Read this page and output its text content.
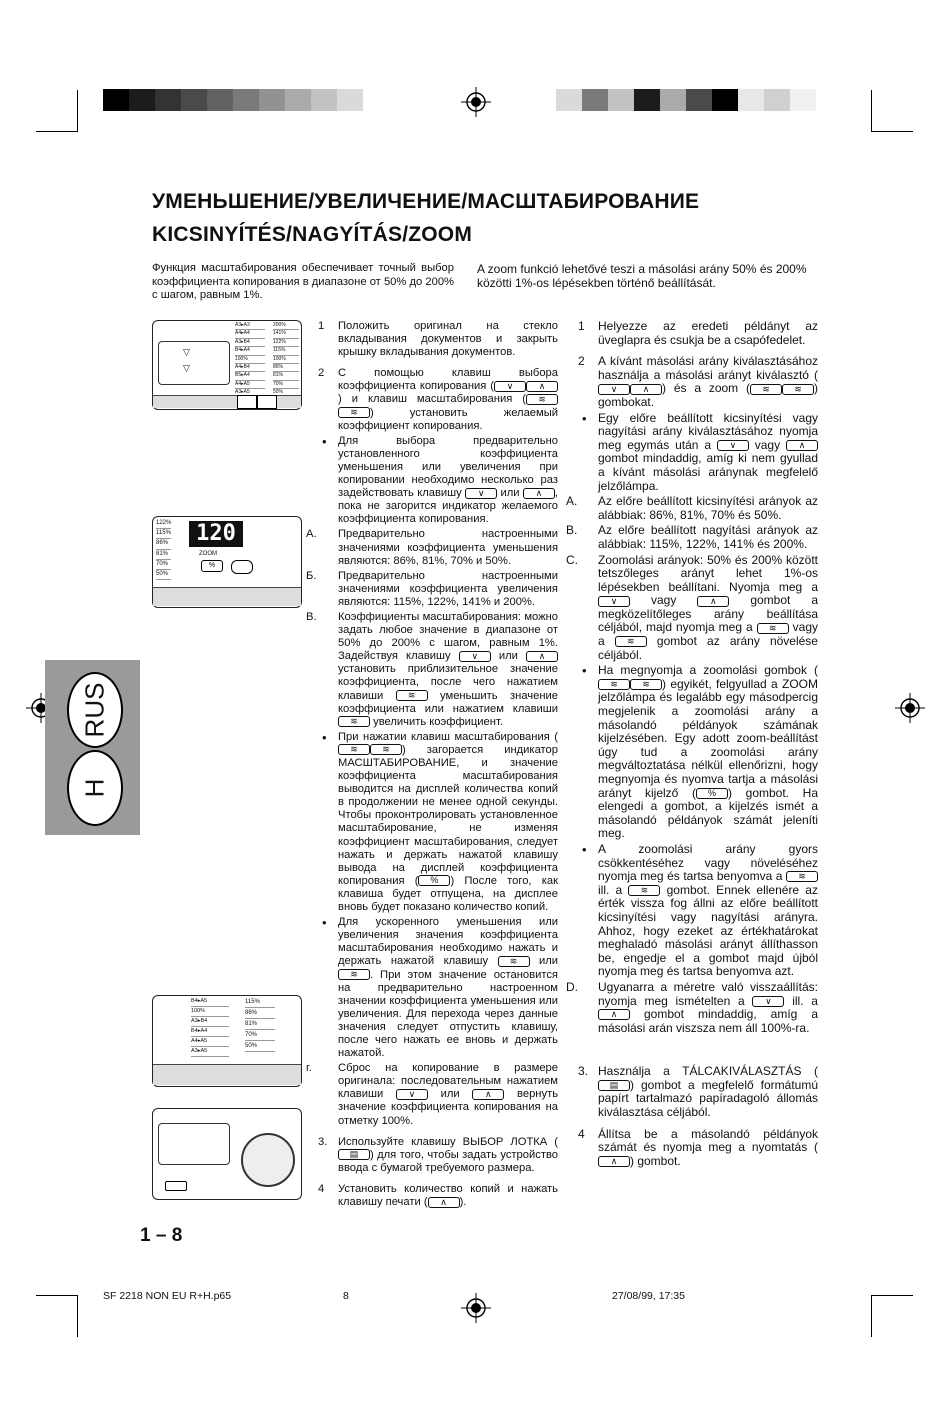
УМЕНЬШЕНИЕ/УВЕЛИЧЕНИЕ/МАСШТАБИРОВАНИЕ
KICSINYÍTÉS/NAGYÍTÁS/ZOOM
Функция масштабирования обеспечивает точный выбор коэффициента копирования в диапазоне от 50% до 200% с шагом, равным 1%.
A zoom funkció lehetővé teszi a másolási arány 50% és 200% közötti 1%-os lépésekben történő beállítását.
RUS
H
▽
▽
A3▸A3
A4▸A4
A3▸B4
B4▸A4
100%
A4▸B4
B5▸A4
A4▸A5
A3▸A5
200%
141%
122%
115%
100%
86%
81%
70%
50%
122%
115%
86%
81%
70%
50%
120
ZOOM
%
B4▸A5
100%
A3▸B4
B4▸A4
A4▸A5
A3▸A5
115%
86%
81%
70%
50%
1 Положить оригинал на стекло вкладывания документов и закрыть крышку вкладывания документов.
2 С помощью клавиш выбора коэффициента копирования ( ∨	∧) и клавиш масштабирования ( ≋≋ ) установить желаемый коэффициент копирования.
• Для выбора предварительно установленного коэффициента уменьшения или увеличения при копировании необходимо несколько раз задействовать клавишу ∨ или ∧ , пока не загорится индикатор желаемого коэффициента копирования.
А. Предварительно настроенными значениями коэффициента уменьшения являются: 86%, 81%, 70% и 50%.
Б. Предварительно настроенными значениями коэффициента увеличения являются: 115%, 122%, 141% и 200%.
В. Коэффициенты масштабирования: можно задать любое значение в диапазоне от 50% до 200% с шагом, равным 1%. Задействуя клавишу ∨ или ∧ установить приблизительное значение коэффициента, после чего нажатием клавиши	≋ уменьшить значение коэффициента или нажатием клавиши ≋ увеличить коэффициент.
• При нажатии клавиш масштабирования (≋	≋ ) загорается индикатор МАСШТАБИРОВАНИЕ, и значение коэффициента масштабирования выводится на дисплей количества копий в продолжении не менее одной секунды. Чтобы проконтролировать установленное масштабирование, не изменяя коэффициент масштабирования, следует нажать и держать нажатой клавишу вывода на дисплей коэффициента копирования ( % ) После того, как клавиша будет отпущена, на дисплее вновь будет показано количество копий.
• Для ускоренного уменьшения или увеличения значения коэффициента масштабирования необходимо нажать и держать нажатой клавишу ≋ или ≋ . При этом значение остановится на предварительно настроенном значении коэффициента уменьшения или увеличения. Для перехода через данные значения следует отпустить клавишу, после чего нажать ее вновь и держать нажатой.
г. Сброс на копирование в размере оригинала: последовательным нажатием клавиши	∨ или	∧ вернуть значение коэффициента копирования на отметку 100%.
3. Используйте клавишу ВЫБОР ЛОТКА (▤ ) для того, чтобы задать устройство ввода с бумагой требуемого размера.
4 Установить количество копий и нажать клавишу печати ( ∧ ).
1 Helyezze az eredeti példányt az üveglapra és csukja be a csapófedelet.
2 A kívánt másolási arány kiválasztásához használja a másolási arányt kiválasztó (∨	∧ ) és a zoom ( ≋	≋ ) gombokat.
• Egy előre beállított kicsinyítési vagy nagyítási arány kiválasztásához nyomja meg egymás után a ∨ vagy ∧ gombot mindaddig, amíg ki nem gyullad a kívánt másolási aránynak megfelelő jelzőlámpa.
A. Az előre beállított kicsinyítési arányok az alábbiak: 86%, 81%, 70% és 50%.
B. Az előre beállított nagyítási arányok az alábbiak: 115%, 122%, 141% és 200%.
C. Zoomolási arányok: 50% és 200% között tetszőleges arányt lehet 1%-os lépésekben beállítani. Nyomja meg a ∨	vagy	∧	gombot a megközelítőleges arány beállítása céljából, majd nyomja meg a ≋ vagy a ≋ gombot az arány növelése céljából.
• Ha megnyomja a zoomolási gombok (≋	≋ ) egyikét, felgyullad a ZOOM jelzőlámpa és legalább egy másodpercig megjelenik a zoomolási arány a másolandó példányok számának kijelzésében. Egy adott zoom-beállítást úgy tud a zoomolási arány megváltoztatása nélkül ellenőrizni, hogy megnyomja és nyomva tartja a másolási arányt kijelző ( % ) gombot. Ha elengedi a gombot, a kijelzés ismét a másolandó példányok számát jeleníti meg.
• A zoomolási arány gyors csökkentéséhez vagy növeléséhez nyomja meg és tartsa benyomva a ≋ ill. a ≋ gombot. Ennek ellenére az érték vissza fog állni az előre beállított kicsinyítési vagy nagyítási arányra. Ahhoz, hogy ezeket az értékhatárokat meghaladó másolási arányt állíthasson be, engedje el a gombot majd újból nyomja meg és tartsa benyomva azt.
D. Ugyanarra a méretre való visszaállítás: nyomja meg ismételten a ∨ ill. a ∧ gombot mindaddig, amíg a másolási arán viszsza nem áll 100%-ra.
3. Használja a TÁLCAKIVÁLASZTÁS (▤ ) gombot a megfelelő formátumú papírt tartalmazó papíradagoló állomás kiválasztása céljából.
4 Állítsa be a másolandó példányok számát és nyomja meg a nyomtatás (∧ ) gombot.
1 – 8
SF 2218 NON EU R+H.p65	8	27/08/99, 17:35
